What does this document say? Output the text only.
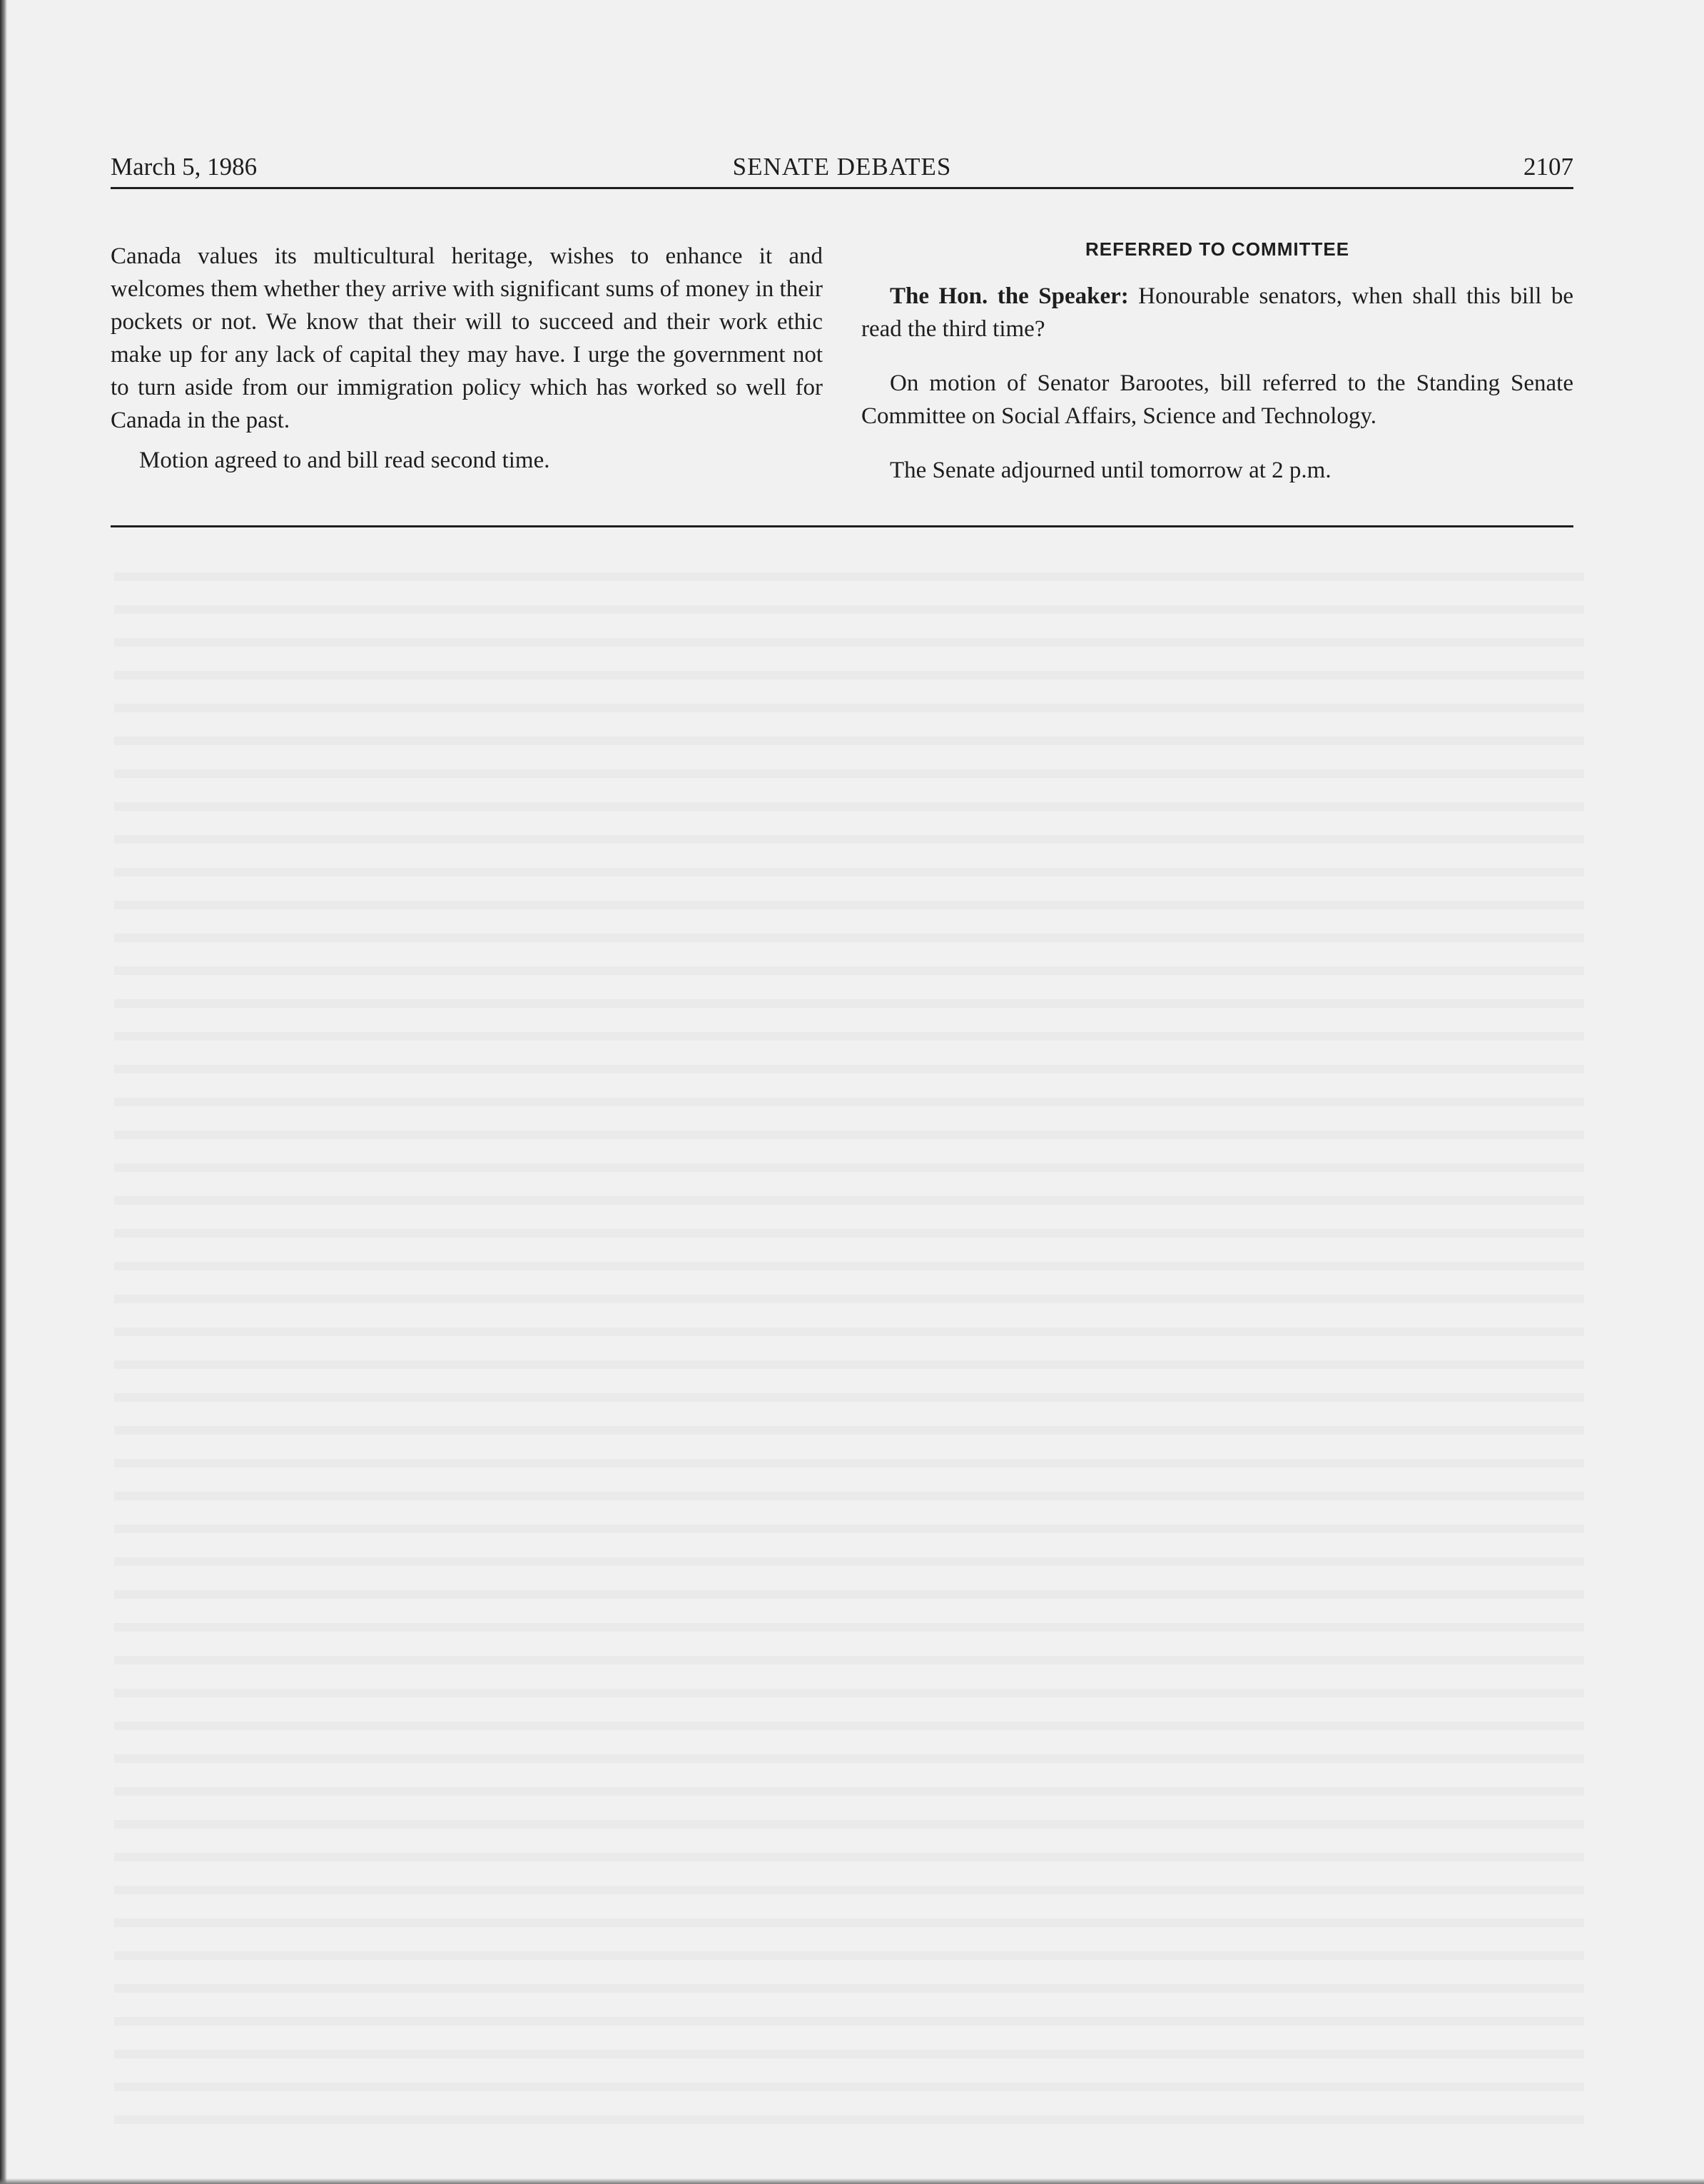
March 5, 1986	SENATE DEBATES	2107

Canada values its multicultural heritage, wishes to enhance it and welcomes them whether they arrive with significant sums of money in their pockets or not. We know that their will to succeed and their work ethic make up for any lack of capital they may have. I urge the government not to turn aside from our immigration policy which has worked so well for Canada in the past.

Motion agreed to and bill read second time.

REFERRED TO COMMITTEE

The Hon. the Speaker: Honourable senators, when shall this bill be read the third time?

On motion of Senator Barootes, bill referred to the Standing Senate Committee on Social Affairs, Science and Technology.

The Senate adjourned until tomorrow at 2 p.m.
